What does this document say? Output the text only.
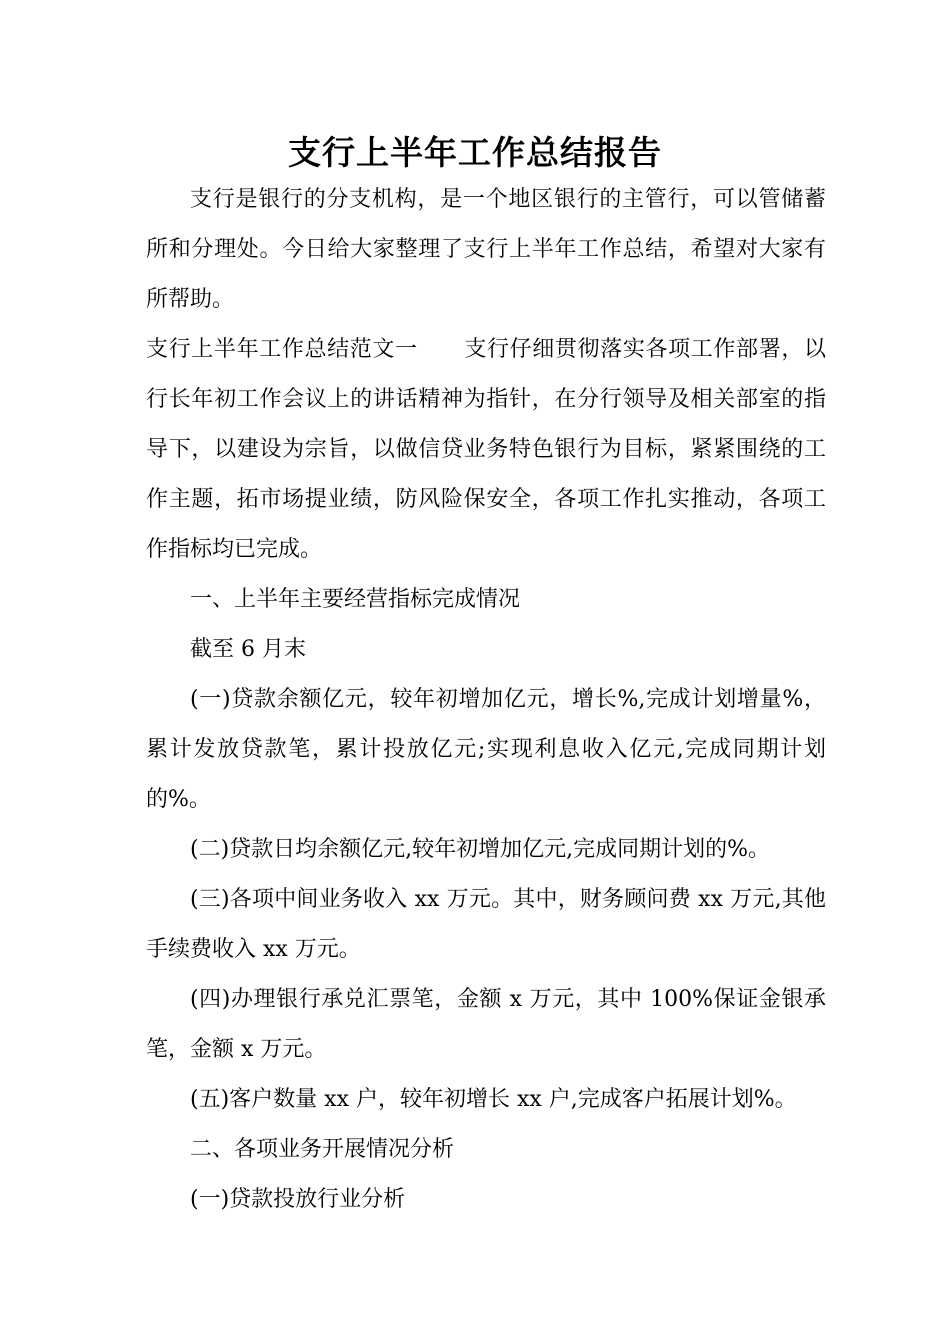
支行上半年工作总结报告

支行是银行的分支机构，是一个地区银行的主管行，可以管储蓄所和分理处。今日给大家整理了支行上半年工作总结，希望对大家有所帮助。

支行上半年工作总结范文一 支行仔细贯彻落实各项工作部署，以行长年初工作会议上的讲话精神为指针，在分行领导及相关部室的指导下，以建设为宗旨，以做信贷业务特色银行为目标，紧紧围绕的工作主题，拓市场提业绩，防风险保安全，各项工作扎实推动，各项工作指标均已完成。

一、上半年主要经营指标完成情况

截至 6 月末

(一)贷款余额亿元，较年初增加亿元，增长%,完成计划增量%，累计发放贷款笔，累计投放亿元;实现利息收入亿元,完成同期计划的%。

(二)贷款日均余额亿元,较年初增加亿元,完成同期计划的%。

(三)各项中间业务收入 xx 万元。其中，财务顾问费 xx 万元,其他手续费收入 xx 万元。

(四)办理银行承兑汇票笔，金额 x 万元，其中 100%保证金银承笔，金额 x 万元。

(五)客户数量 xx 户，较年初增长 xx 户,完成客户拓展计划%。

二、各项业务开展情况分析

(一)贷款投放行业分析
